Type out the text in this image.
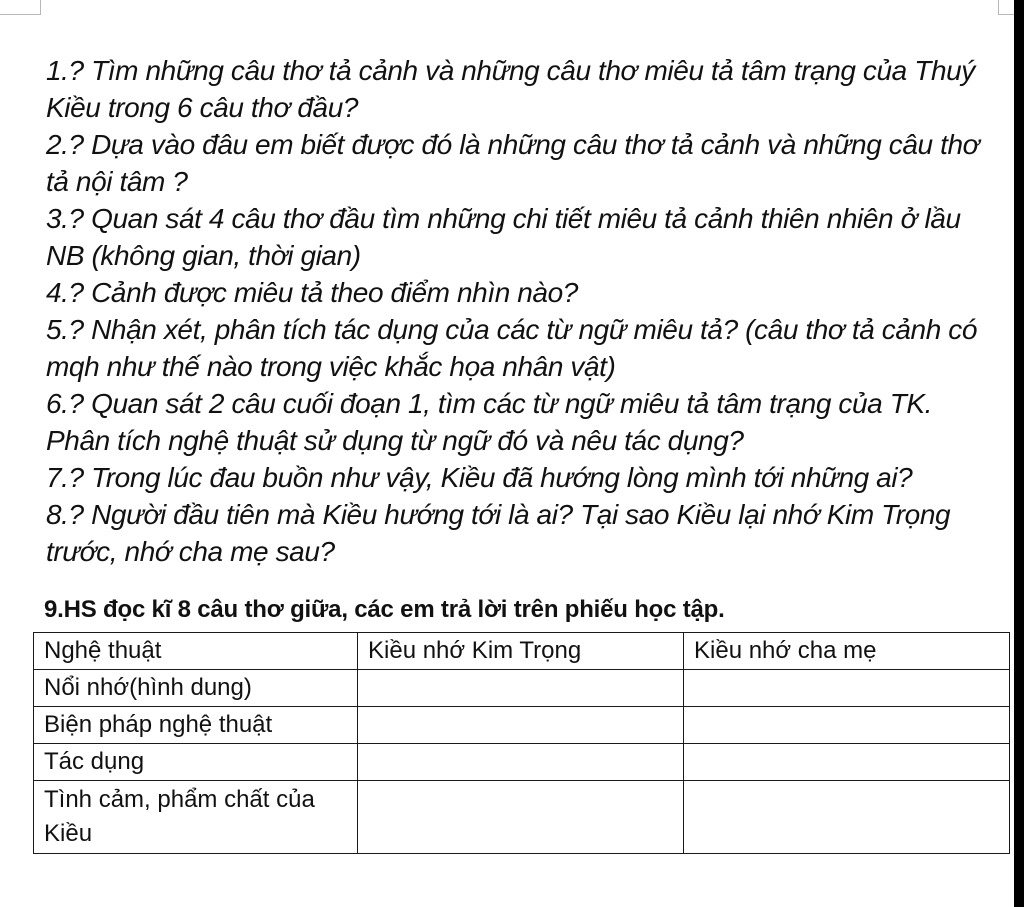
1.? Tìm những câu thơ tả cảnh và những câu thơ miêu tả tâm trạng của Thuý Kiều trong 6 câu thơ đầu?

2.? Dựa vào đâu em biết được đó là những câu thơ tả cảnh và những câu thơ tả nội tâm ?

3.? Quan sát 4 câu thơ đầu tìm những chi tiết miêu tả cảnh thiên nhiên ở lầu NB (không gian, thời gian)

4.? Cảnh được miêu tả theo điểm nhìn nào?

5.? Nhận xét, phân tích tác dụng của các từ ngữ miêu tả? (câu thơ tả cảnh có mqh như thế nào trong việc khắc họa nhân vật)

6.? Quan sát 2 câu cuối đoạn 1, tìm các từ ngữ miêu tả tâm trạng của TK. Phân tích nghệ thuật sử dụng từ ngữ đó và nêu tác dụng?

7.? Trong lúc đau buồn như vậy, Kiều đã hướng lòng mình tới những ai?

8.? Người đầu tiên mà Kiều hướng tới là ai? Tại sao Kiều lại nhớ Kim Trọng trước, nhớ cha mẹ sau?

9.HS đọc kĩ 8 câu thơ giữa, các em trả lời trên phiếu học tập.

Nghệ thuật	Kiều nhớ Kim Trọng	Kiều nhớ cha mẹ
Nổi nhớ(hình dung)		
Biện pháp nghệ thuật		
Tác dụng		
Tình cảm, phẩm chất của Kiều		
